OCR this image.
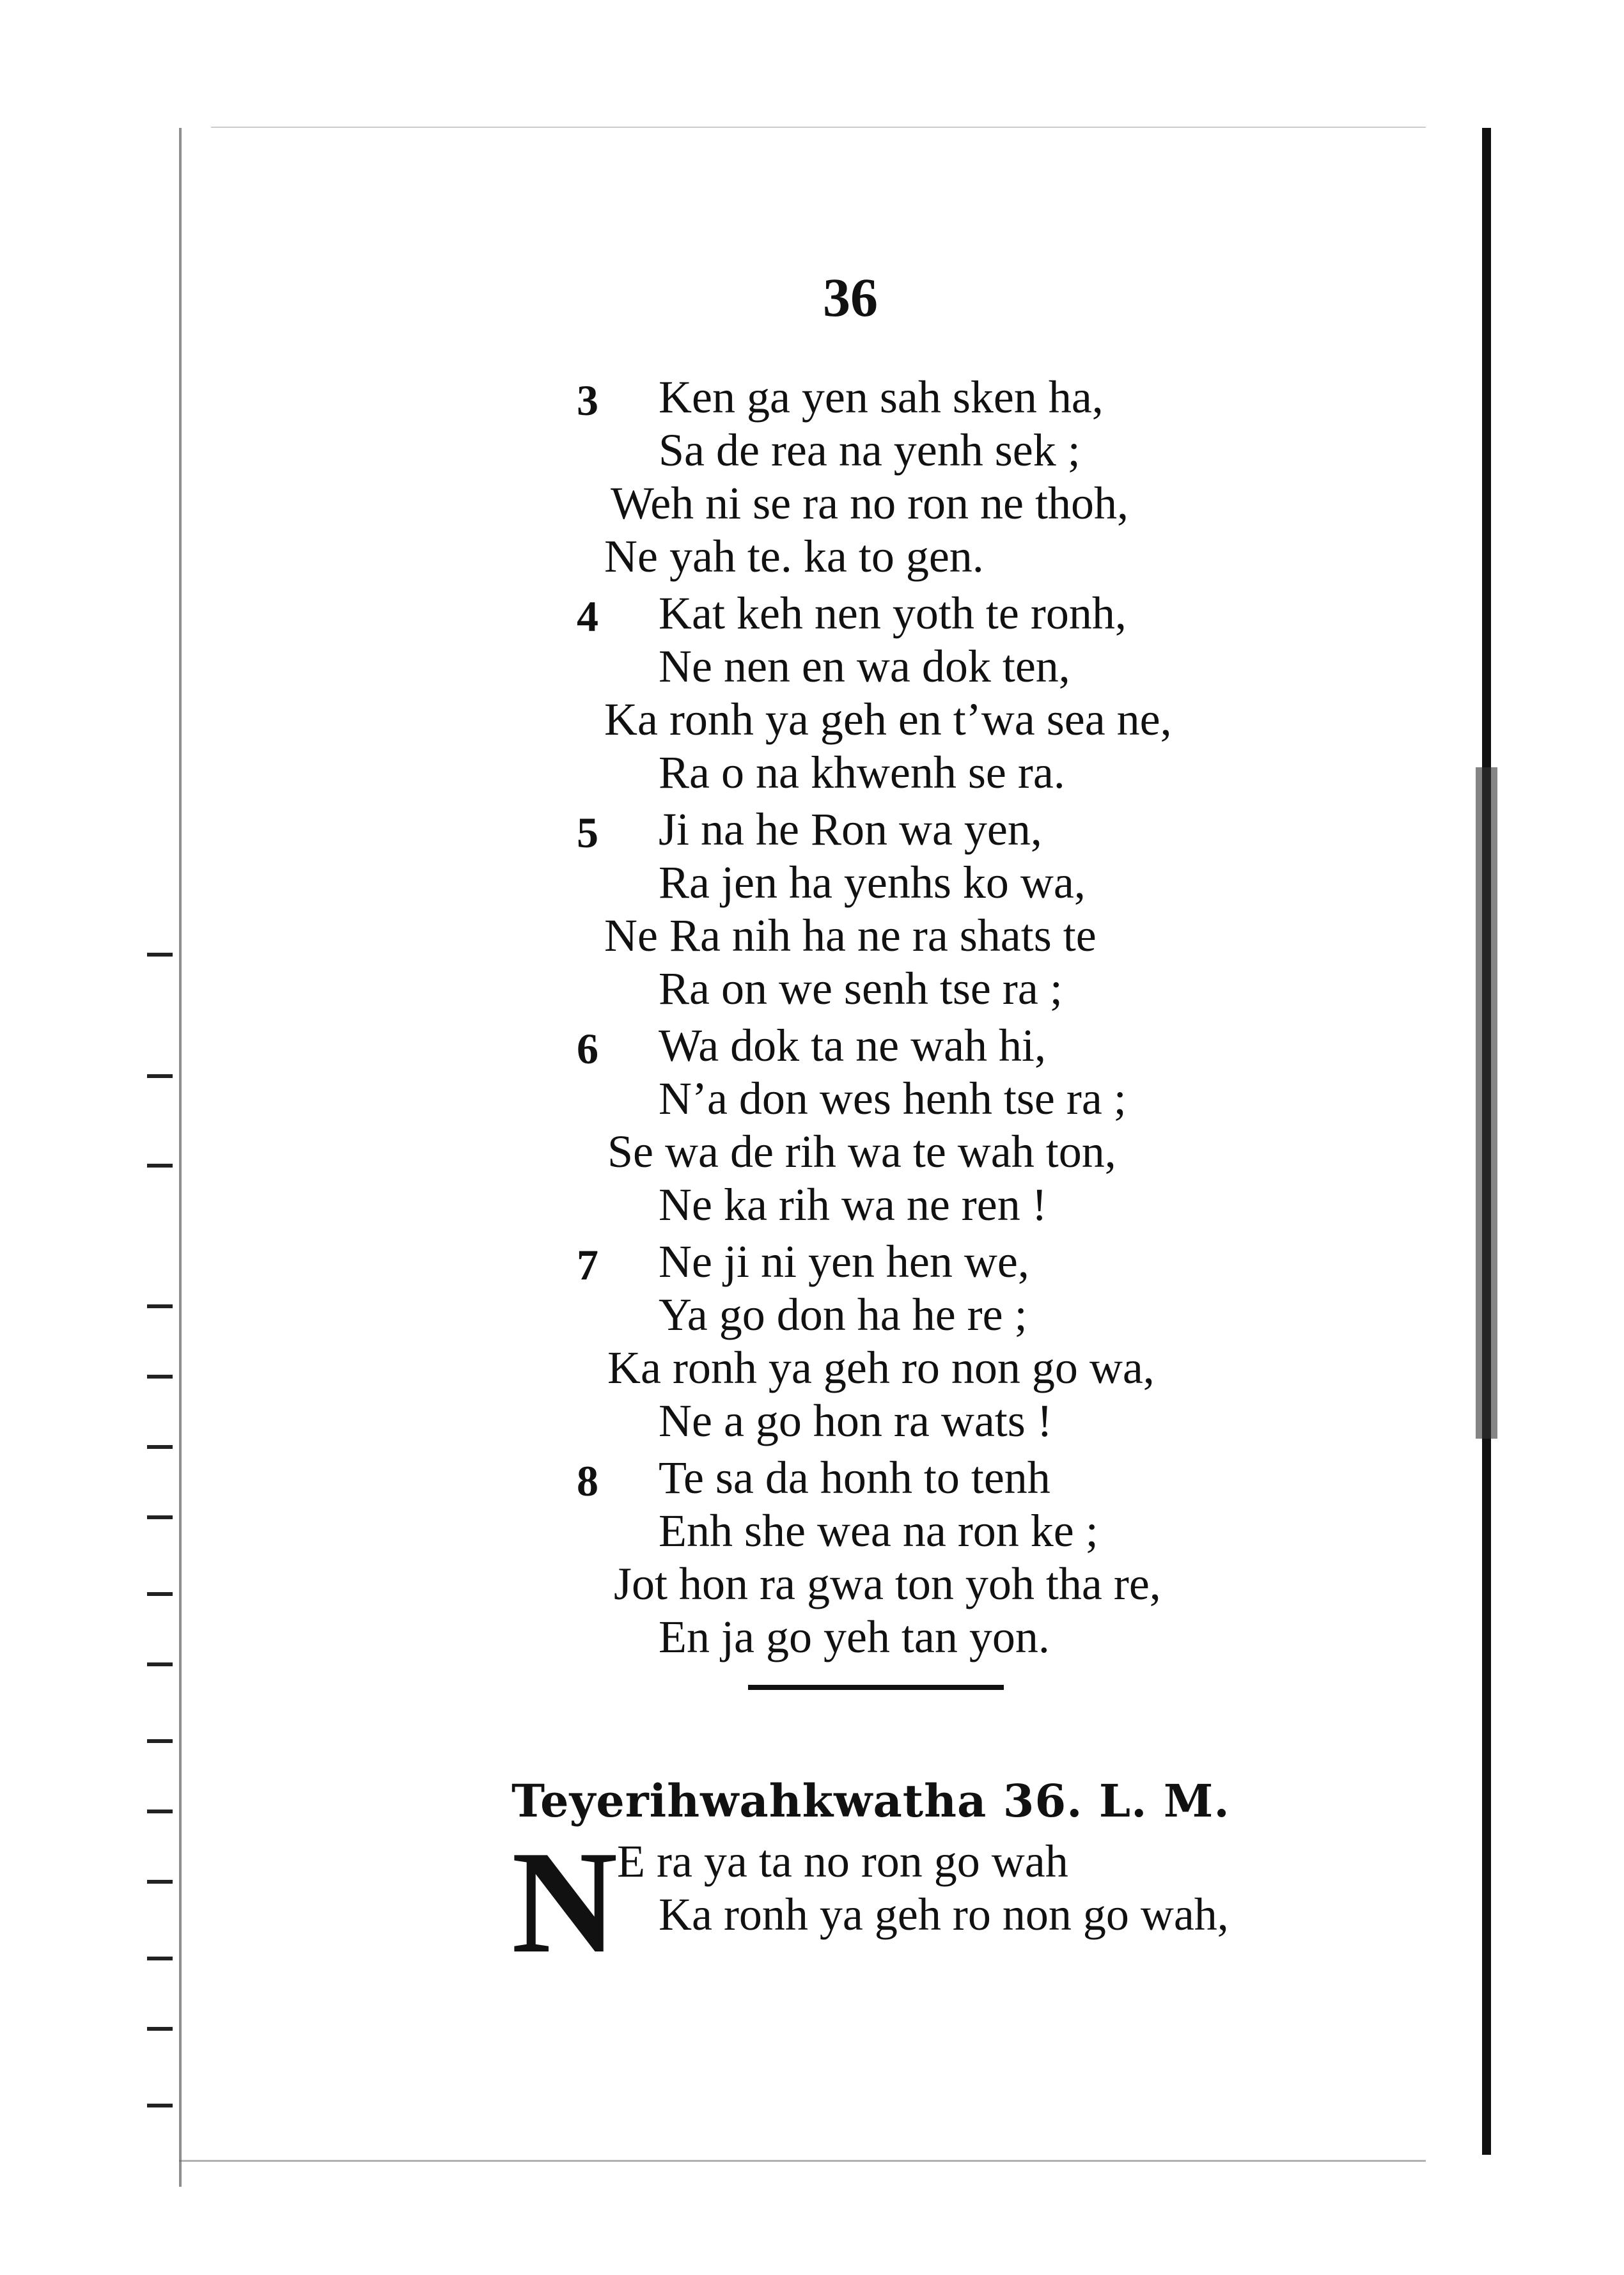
36
3 Ken ga yen sah sken ha,
Sa de rea na yenh sek ;
Weh ni se ra no ron ne thoh,
Ne yah te. ka to gen.
4 Kat keh nen yoth te ronh,
Ne nen en wa dok ten,
Ka ronh ya geh en t’wa sea ne,
Ra o na khwenh se ra.
5 Ji na he Ron wa yen,
Ra jen ha yenhs ko wa,
Ne Ra nih ha ne ra shats te
Ra on we senh tse ra ;
6 Wa dok ta ne wah hi,
N’a don wes henh tse ra ;
Se wa de rih wa te wah ton,
Ne ka rih wa ne ren !
7 Ne ji ni yen hen we,
Ya go don ha he re ;
Ka ronh ya geh ro non go wa,
Ne a go hon ra wats !
8 Te sa da honh to tenh
Enh she wea na ron ke ;
Jot hon ra gwa ton yoh tha re,
En ja go yeh tan yon.
Teyerihwahkwatha 36. L. M.
N
E ra ya ta no ron go wah
Ka ronh ya geh ro non go wah,
